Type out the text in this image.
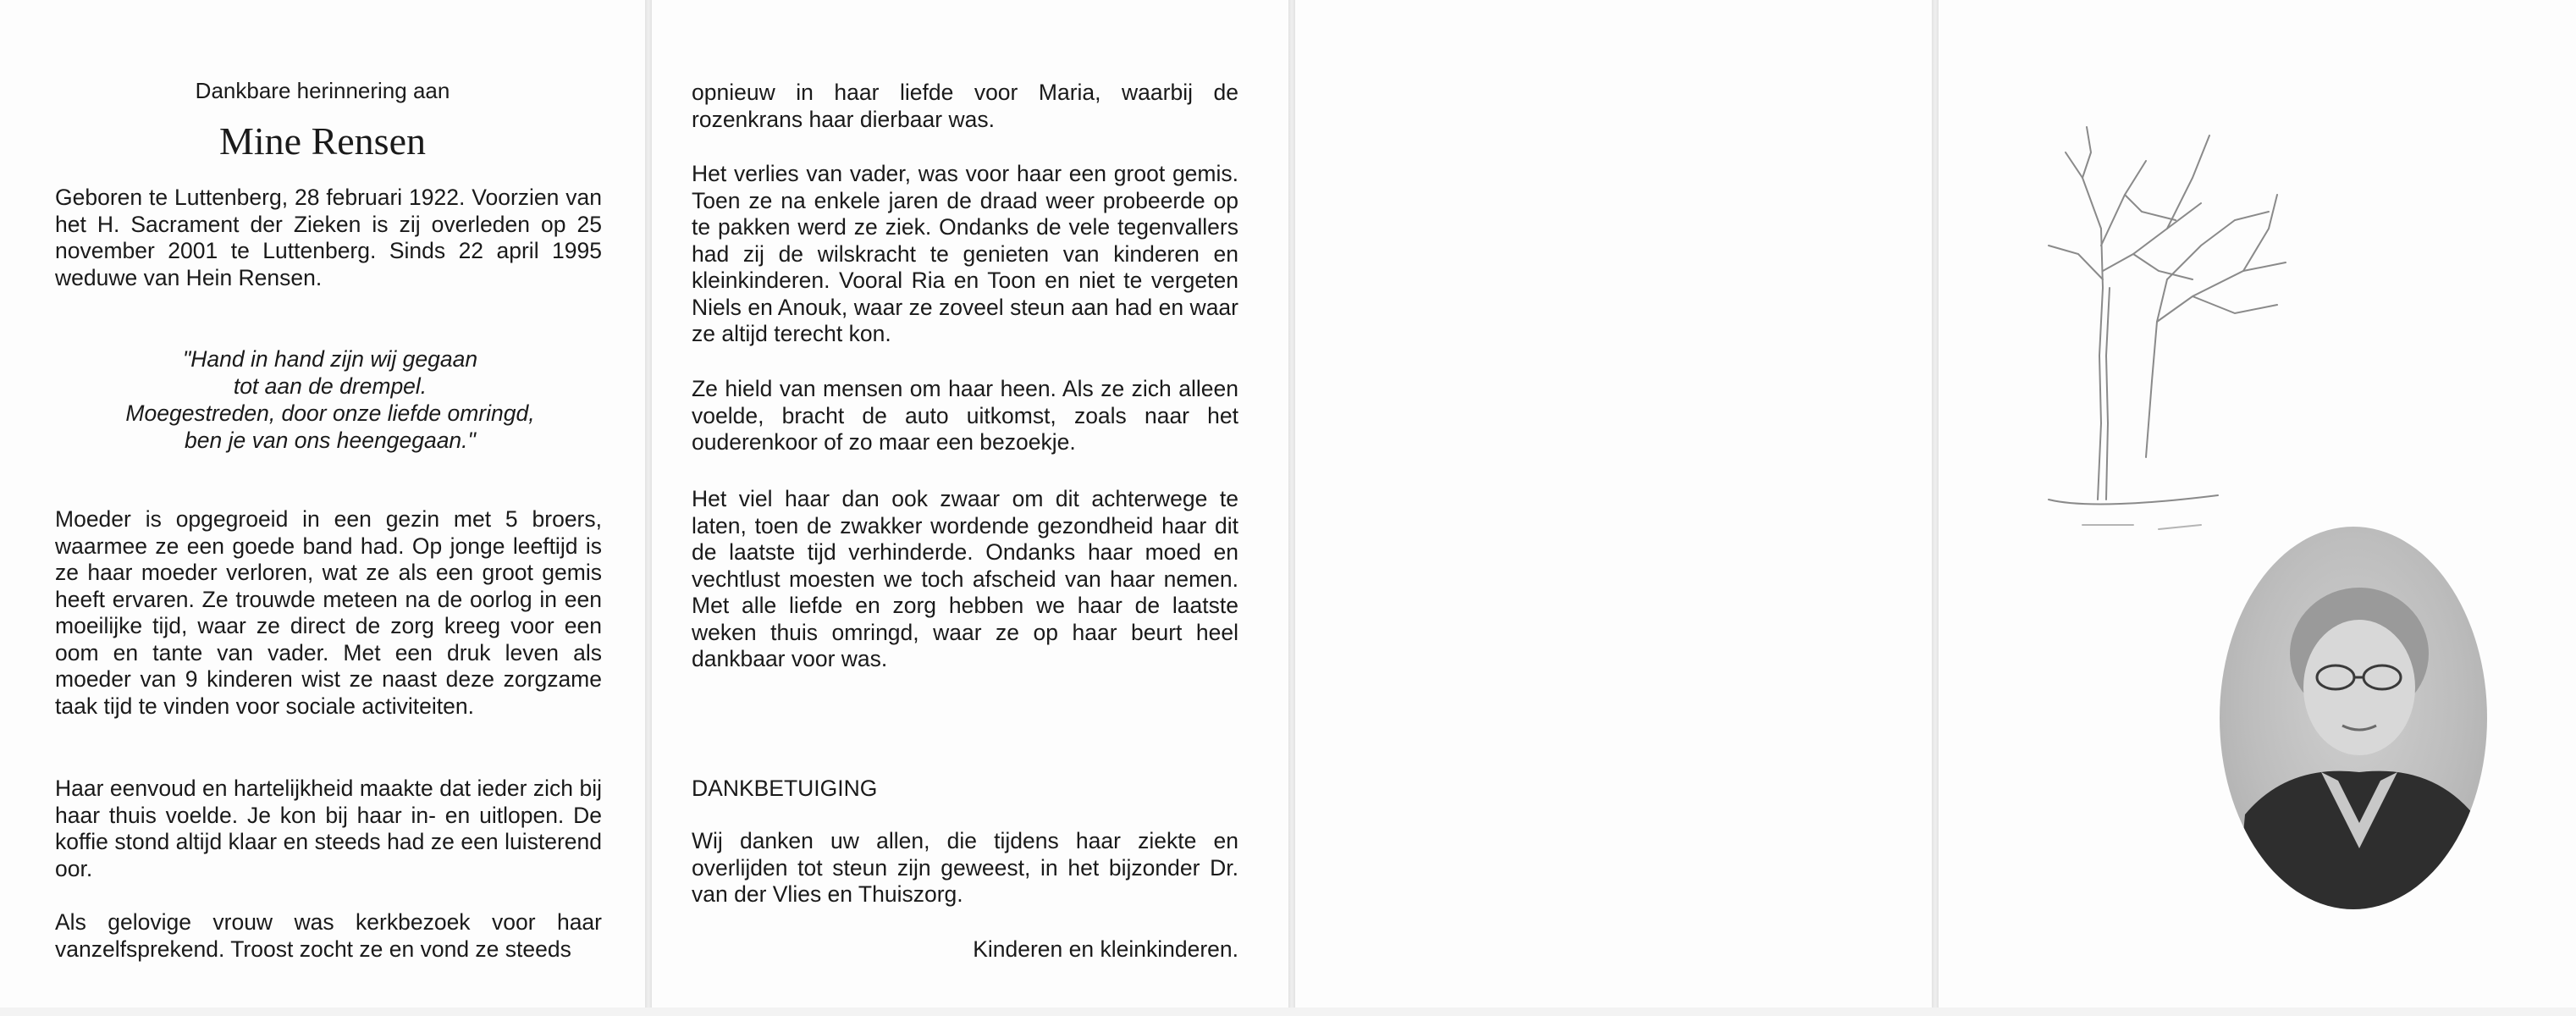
Dankbare herinnering aan
Mine Rensen
Geboren te Luttenberg, 28 februari 1922. Voorzien van het H. Sacrament der Zieken is zij overleden op 25 november 2001 te Luttenberg. Sinds 22 april 1995 weduwe van Hein Rensen.
"Hand in hand zijn wij gegaan
tot aan de drempel.
Moegestreden, door onze liefde omringd,
ben je van ons heengegaan."
Moeder is opgegroeid in een gezin met 5 broers, waarmee ze een goede band had. Op jonge leeftijd is ze haar moeder verloren, wat ze als een groot gemis heeft ervaren. Ze trouwde meteen na de oorlog in een moeilijke tijd, waar ze direct de zorg kreeg voor een oom en tante van vader. Met een druk leven als moeder van 9 kinderen wist ze naast deze zorgzame taak tijd te vinden voor sociale activiteiten.
Haar eenvoud en hartelijkheid maakte dat ieder zich bij haar thuis voelde. Je kon bij haar in- en uitlopen. De koffie stond altijd klaar en steeds had ze een luisterend oor.
Als gelovige vrouw was kerkbezoek voor haar vanzelfsprekend. Troost zocht ze en vond ze steeds
opnieuw in haar liefde voor Maria, waarbij de rozenkrans haar dierbaar was.
Het verlies van vader, was voor haar een groot gemis. Toen ze na enkele jaren de draad weer probeerde op te pakken werd ze ziek. Ondanks de vele tegenvallers had zij de wilskracht te genieten van kinderen en kleinkinderen. Vooral Ria en Toon en niet te vergeten Niels en Anouk, waar ze zoveel steun aan had en waar ze altijd terecht kon.
Ze hield van mensen om haar heen. Als ze zich alleen voelde, bracht de auto uitkomst, zoals naar het ouderenkoor of zo maar een bezoekje.
Het viel haar dan ook zwaar om dit achterwege te laten, toen de zwakker wordende gezondheid haar dit de laatste tijd verhinderde. Ondanks haar moed en vechtlust moesten we toch afscheid van haar nemen. Met alle liefde en zorg hebben we haar de laatste weken thuis omringd, waar ze op haar beurt heel dankbaar voor was.
DANKBETUIGING
Wij danken uw allen, die tijdens haar ziekte en overlijden tot steun zijn geweest, in het bijzonder Dr. van der Vlies en Thuiszorg.
Kinderen en kleinkinderen.
